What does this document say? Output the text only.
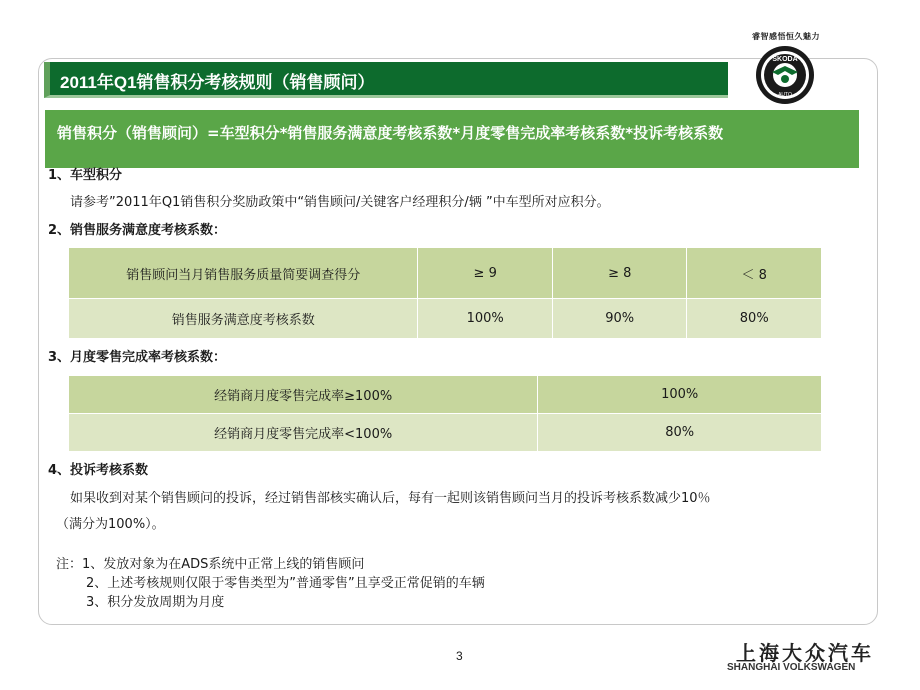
睿智感悟恒久魅力
2011年Q1销售积分考核规则（销售顾问）
ŠKODA
AUTO
销售积分（销售顾问）=车型积分*销售服务满意度考核系数*月度零售完成率考核系数*投诉考核系数
1、车型积分
请参考”2011年Q1销售积分奖励政策中“销售顾问/关键客户经理积分/辆 ”中车型所对应积分。
2、销售服务满意度考核系数：
销售顾问当月销售服务质量简要调查得分	≥ 9	≥ 8	＜ 8
销售服务满意度考核系数	100%	90%	80%
3、月度零售完成率考核系数：
经销商月度零售完成率≥100%	100%
经销商月度零售完成率<100%	80%
4、投诉考核系数
如果收到对某个销售顾问的投诉，经过销售部核实确认后，每有一起则该销售顾问当月的投诉考核系数减少10％
（满分为100%）。
注：1、发放对象为在ADS系统中正常上线的销售顾问
2、上述考核规则仅限于零售类型为”普通零售”且享受正常促销的车辆
3、积分发放周期为月度
3	上海大众汽车
SHANGHAI VOLKSWAGEN
